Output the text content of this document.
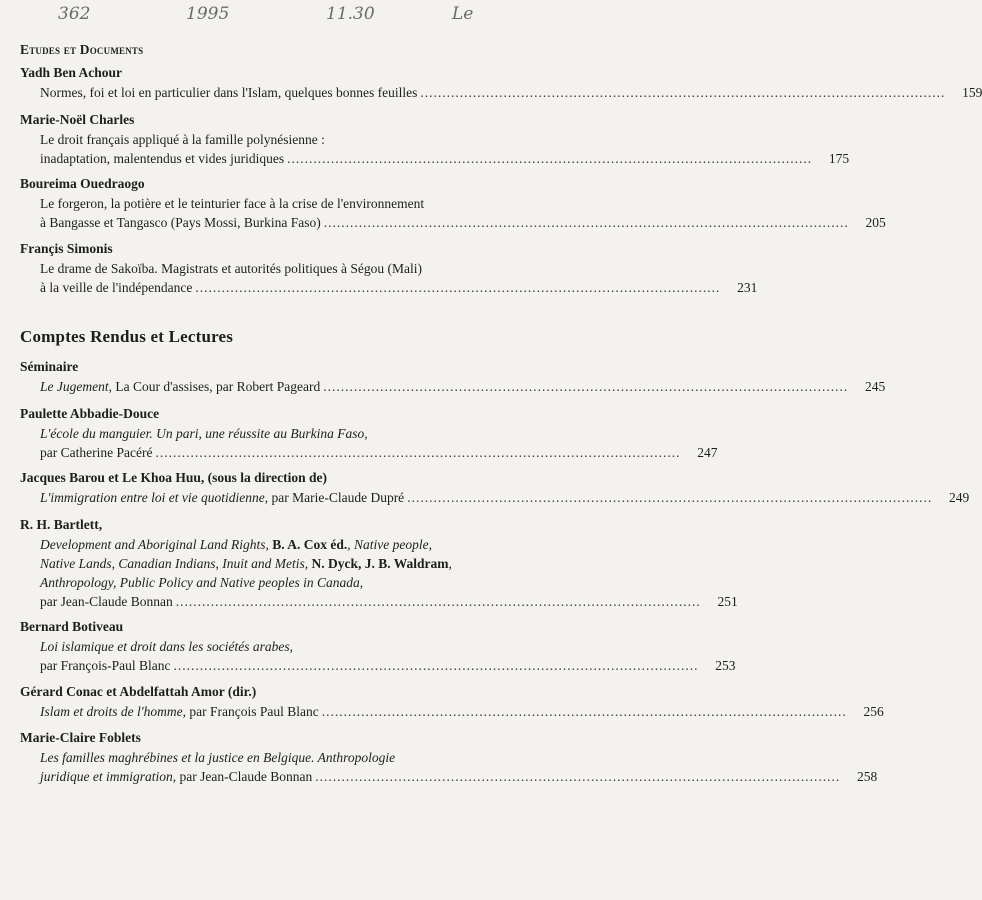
362	1995	11.30	Le
Etudes et Documents
Yadh Ben Achour
Normes, foi et loi en particulier dans l'Islam, quelques bonnes feuilles ........................................................................................................................	159
Marie-Noël Charles
Le droit français appliqué à la famille polynésienne :
inadaptation, malentendus et vides juridiques ........................................................................................................................	175
Boureima Ouedraogo
Le forgeron, la potière et le teinturier face à la crise de l'environnement
à Bangasse et Tangasco (Pays Mossi, Burkina Faso) ........................................................................................................................	205
Françis Simonis
Le drame de Sakoïba. Magistrats et autorités politiques à Ségou (Mali)
à la veille de l'indépendance ........................................................................................................................	231
Comptes Rendus et Lectures
Séminaire
Le Jugement, La Cour d'assises, par Robert Pageard ........................................................................................................................	245
Paulette Abbadie-Douce
L'école du manguier. Un pari, une réussite au Burkina Faso,
par Catherine Pacéré ........................................................................................................................	247
Jacques Barou et Le Khoa Huu, (sous la direction de)
L'immigration entre loi et vie quotidienne, par Marie-Claude Dupré ........................................................................................................................	249
R. H. Bartlett,
Development and Aboriginal Land Rights, B. A. Cox éd., Native people,
Native Lands, Canadian Indians, Inuit and Metis, N. Dyck, J. B. Waldram,
Anthropology, Public Policy and Native peoples in Canada,
par Jean-Claude Bonnan ........................................................................................................................	251
Bernard Botiveau
Loi islamique et droit dans les sociétés arabes,
par François-Paul Blanc ........................................................................................................................	253
Gérard Conac et Abdelfattah Amor (dir.)
Islam et droits de l'homme, par François Paul Blanc ........................................................................................................................	256
Marie-Claire Foblets
Les familles maghrébines et la justice en Belgique. Anthropologie
juridique et immigration, par Jean-Claude Bonnan ........................................................................................................................	258
